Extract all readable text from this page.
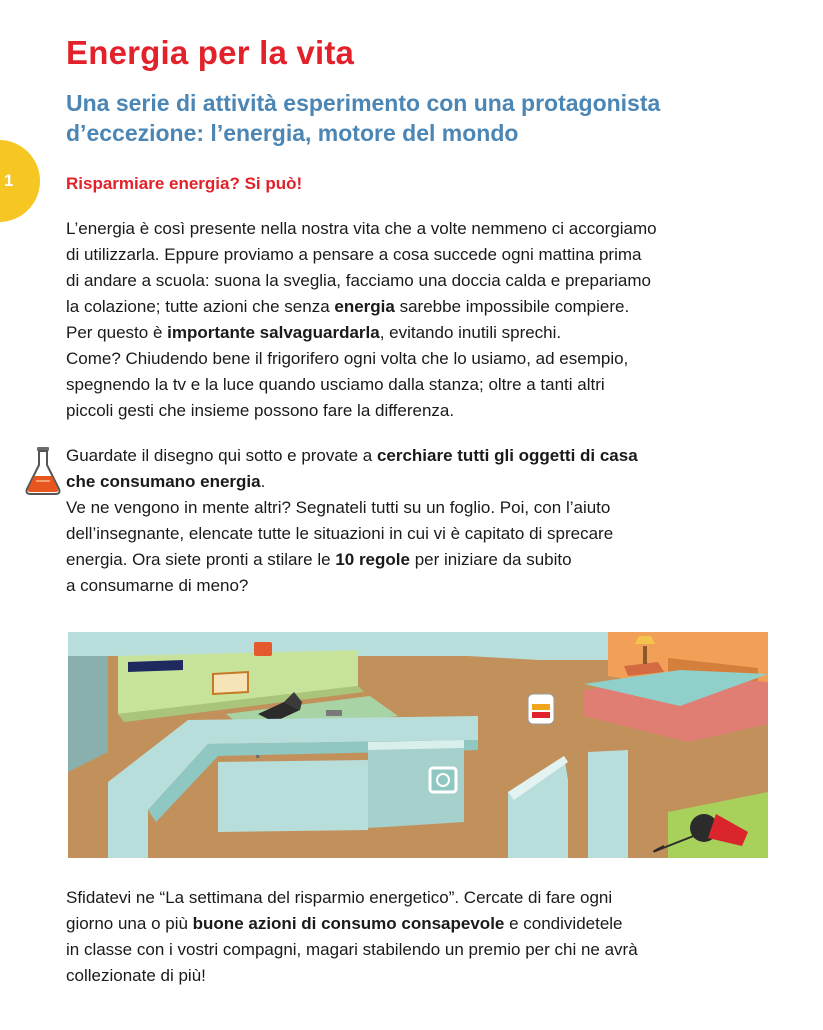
Energia per la vita
Una serie di attività esperimento con una protagonista
d’eccezione: l’energia, motore del mondo
1	Risparmiare energia? Si può!

L’energia è così presente nella nostra vita che a volte nemmeno ci accorgiamo
di utilizzarla. Eppure proviamo a pensare a cosa succede ogni mattina prima
di andare a scuola: suona la sveglia, facciamo una doccia calda e prepariamo
la colazione; tutte azioni che senza energia sarebbe impossibile compiere.
Per questo è importante salvaguardarla, evitando inutili sprechi.
Come? Chiudendo bene il frigorifero ogni volta che lo usiamo, ad esempio,
spegnendo la tv e la luce quando usciamo dalla stanza; oltre a tanti altri
piccoli gesti che insieme possono fare la differenza.

Guardate il disegno qui sotto e provate a cerchiare tutti gli oggetti di casa
che consumano energia.
Ve ne vengono in mente altri? Segnateli tutti su un foglio. Poi, con l’aiuto
dell’insegnante, elencate tutte le situazioni in cui vi è capitato di sprecare
energia. Ora siete pronti a stilare le 10 regole per iniziare da subito
a consumarne di meno?

Sfidatevi ne “La settimana del risparmio energetico”. Cercate di fare ogni
giorno una o più buone azioni di consumo consapevole e condividetele
in classe con i vostri compagni, magari stabilendo un premio per chi ne avrà
collezionate di più!
